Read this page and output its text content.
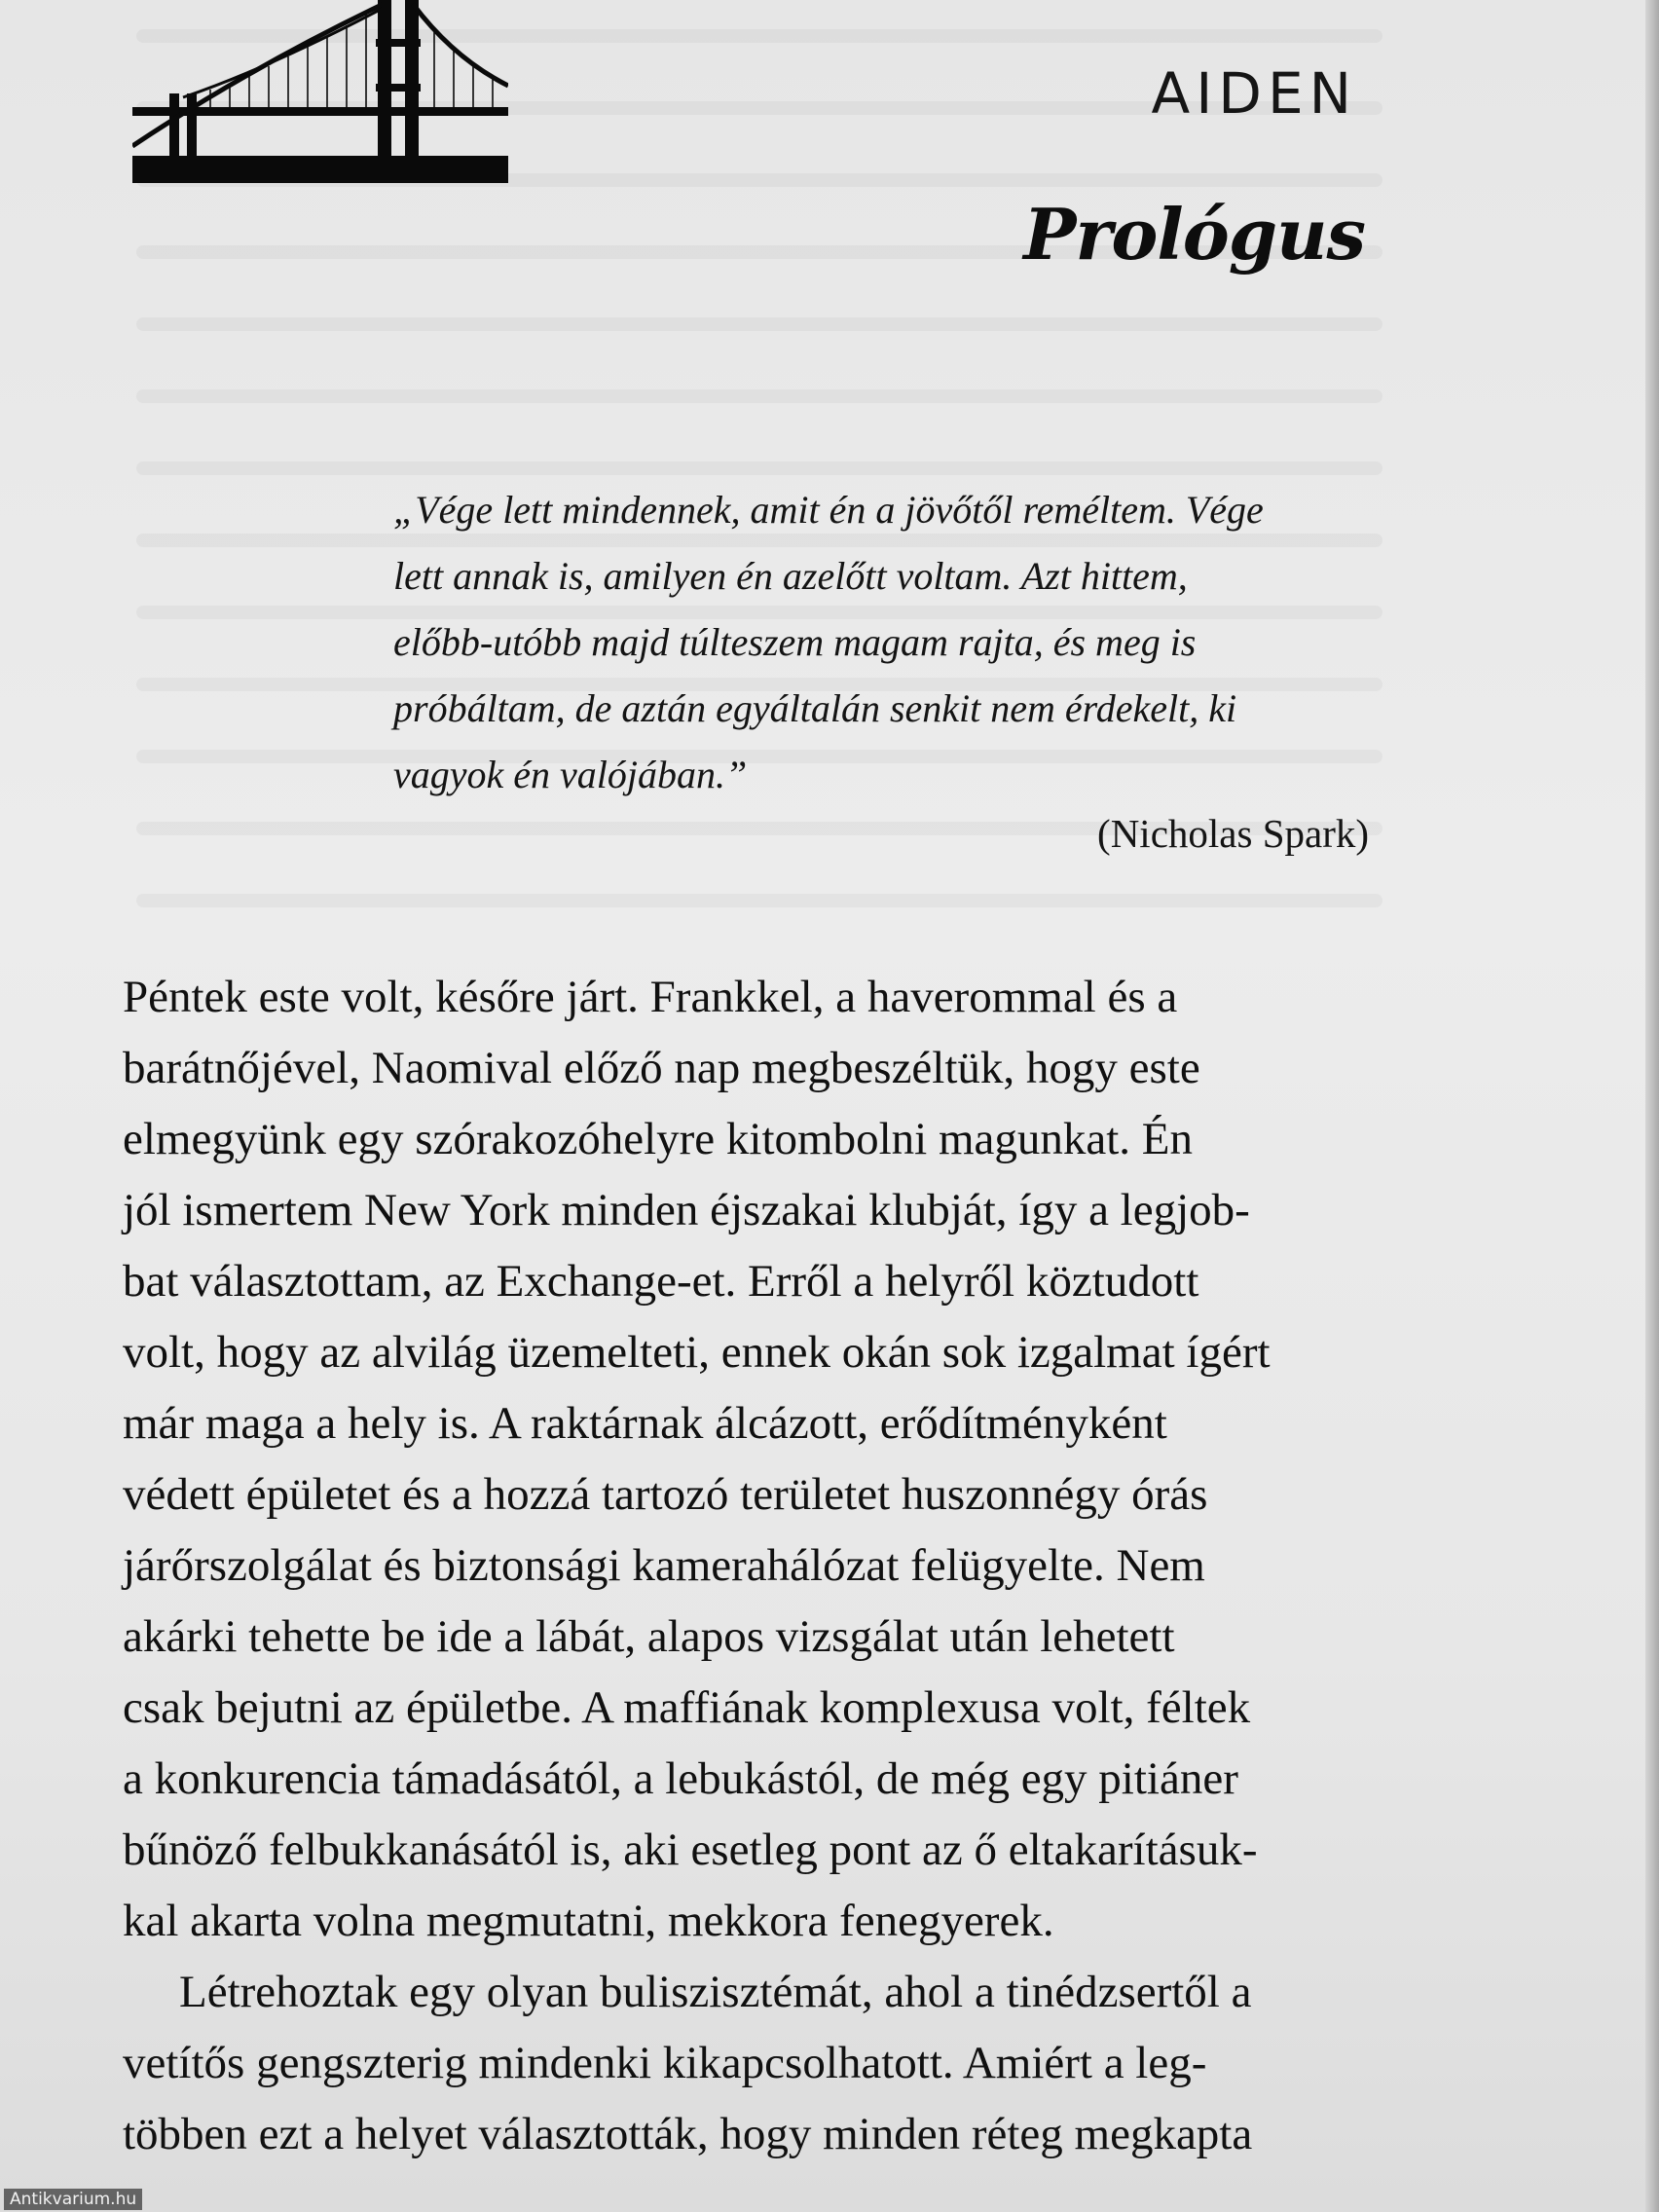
AIDEN
Prológus

„Vége lett mindennek, amit én a jövőtől reméltem. Vége
lett annak is, amilyen én azelőtt voltam. Azt hittem,
előbb-utóbb majd túlteszem magam rajta, és meg is
próbáltam, de aztán egyáltalán senkit nem érdekelt, ki
vagyok én valójában.”

(Nicholas Spark)

Péntek este volt, későre járt. Frankkel, a haverommal és a
barátnőjével, Naomival előző nap megbeszéltük, hogy este
elmegyünk egy szórakozóhelyre kitombolni magunkat. Én
jól ismertem New York minden éjszakai klubját, így a legjob-
bat választottam, az Exchange-et. Erről a helyről köztudott
volt, hogy az alvilág üzemelteti, ennek okán sok izgalmat ígért
már maga a hely is. A raktárnak álcázott, erődítményként
védett épületet és a hozzá tartozó területet huszonnégy órás
járőrszolgálat és biztonsági kamerahálózat felügyelte. Nem
akárki tehette be ide a lábát, alapos vizsgálat után lehetett
csak bejutni az épületbe. A maffiának komplexusa volt, féltek
a konkurencia támadásától, a lebukástól, de még egy pitiáner
bűnöző felbukkanásától is, aki esetleg pont az ő eltakarításuk-
kal akarta volna megmutatni, mekkora fenegyerek.

Létrehoztak egy olyan buliszisztémát, ahol a tinédzsertől a
vetítős gengszterig mindenki kikapcsolhatott. Amiért a leg-
többen ezt a helyet választották, hogy minden réteg megkapta

Antikvarium.hu
